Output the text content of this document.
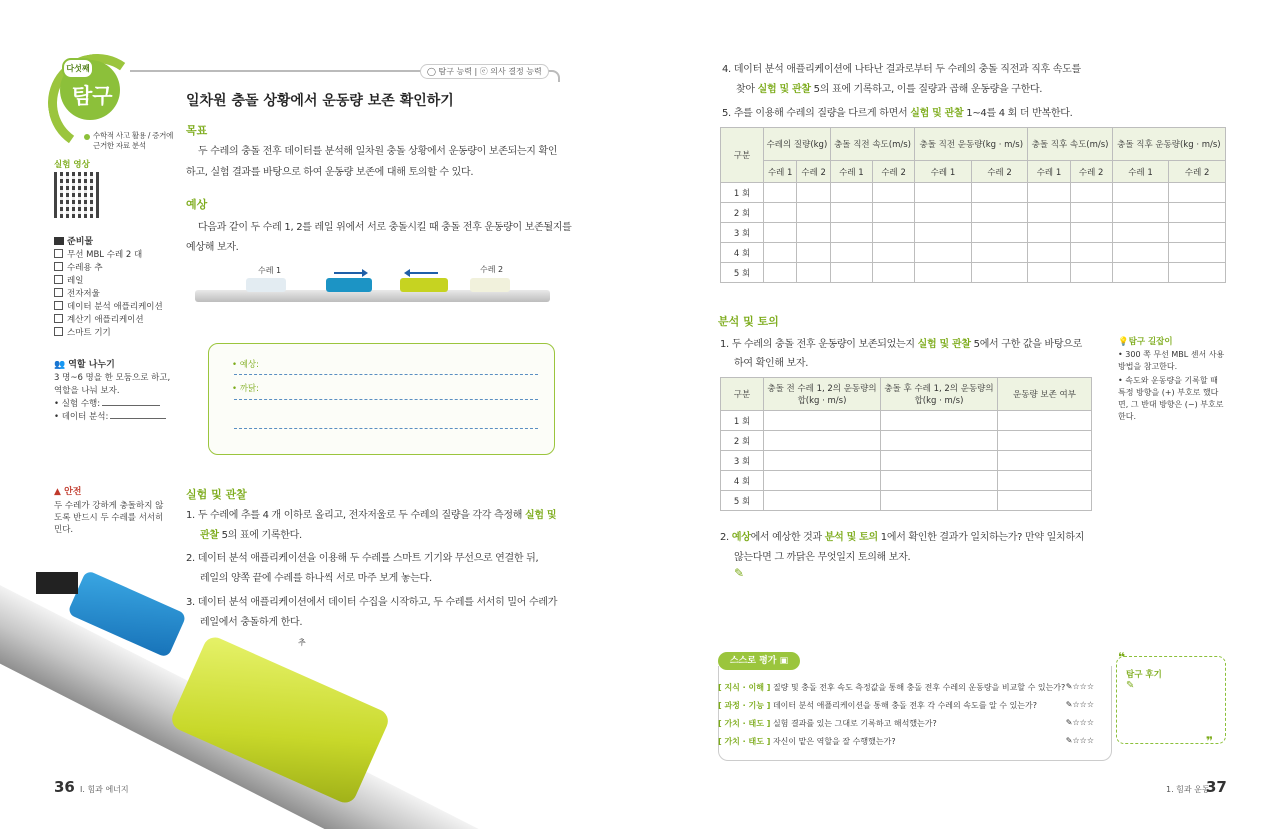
다섯째
탐구
◯ 탐구 능력 | ⓔ 의사 결정 능력
수학적 사고 활용 / 증거에 근거한 자료 분석
일차원 충돌 상황에서 운동량 보존 확인하기
실험 영상
목표
두 수레의 충돌 전후 데이터를 분석해 일차원 충돌 상황에서 운동량이 보존되는지 확인
하고, 실험 결과를 바탕으로 하여 운동량 보존에 대해 토의할 수 있다.
예상
다음과 같이 두 수레 1, 2를 레일 위에서 서로 충돌시킬 때 충돌 전후 운동량이 보존될지를
예상해 보자.
준비물
무선 MBL 수레 2 대
수레용 추
레일
전자저울
데이터 분석 애플리케이션
계산기 애플리케이션
스마트 기기
👥 역할 나누기
3 명~6 명을 한 모둠으로 하고,
역할을 나눠 보자.
• 실험 수행:
• 데이터 분석:
수레 1	수레 2
• 예상:
• 까닭:
▲ 안전
두 수레가 강하게 충돌하지 않
도록 반드시 두 수레를 서서히
민다.
실험 및 관찰
1. 두 수레에 추를 4 개 이하로 올리고, 전자저울로 두 수레의 질량을 각각 측정해 실험 및
관찰 5의 표에 기록한다.
2. 데이터 분석 애플리케이션을 이용해 두 수레를 스마트 기기와 무선으로 연결한 뒤,
레일의 양쪽 끝에 수레를 하나씩 서로 마주 보게 놓는다.
3. 데이터 분석 애플리케이션에서 데이터 수집을 시작하고, 두 수레를 서서히 밀어 수레가
레일에서 충돌하게 한다.
추
36 I. 힘과 에너지
4. 데이터 분석 애플리케이션에 나타난 결과로부터 두 수레의 충돌 직전과 직후 속도를
찾아 실험 및 관찰 5의 표에 기록하고, 이를 질량과 곱해 운동량을 구한다.
5. 추를 이용해 수레의 질량을 다르게 하면서 실험 및 관찰 1~4를 4 회 더 반복한다.
구분	수레의 질량(kg)		충돌 직전 속도(m/s)		충돌 직전 운동량(kg · m/s)		충돌 직후 속도(m/s)		충돌 직후 운동량(kg · m/s)	
	수레 1	수레 2	수레 1	수레 2	수레 1	수레 2	수레 1	수레 2	수레 1	수레 2
1 회										
2 회										
3 회										
4 회										
5 회										
분석 및 토의
1. 두 수레의 충돌 전후 운동량이 보존되었는지 실험 및 관찰 5에서 구한 값을 바탕으로
하여 확인해 보자.
구분	충돌 전 수레 1, 2의 운동량의 합(kg · m/s)	충돌 후 수레 1, 2의 운동량의 합(kg · m/s)	운동량 보존 여부
1 회			
2 회			
3 회			
4 회			
5 회			
💡탐구 길잡이
• 300 쪽 무선 MBL 센서 사용 방법을 참고한다.
• 속도와 운동량을 기록할 때 특정 방향을 (+) 부호로 했다면, 그 반대 방향은 (−) 부호로 한다.
2. 예상에서 예상한 것과 분석 및 토의 1에서 확인한 결과가 일치하는가? 만약 일치하지
않는다면 그 까닭은 무엇일지 토의해 보자.
✎
스스로 평가 ▣
[ 지식 · 이해 ] 질량 및 충돌 전후 속도 측정값을 통해 충돌 전후 수레의 운동량을 비교할 수 있는가? ✎☆☆☆
[ 과정 · 기능 ] 데이터 분석 애플리케이션을 통해 충돌 전후 각 수레의 속도를 알 수 있는가?	✎☆☆☆
[ 가치 · 태도 ] 실험 결과를 있는 그대로 기록하고 해석했는가?	✎☆☆☆
[ 가치 · 태도 ] 자신이 맡은 역할을 잘 수행했는가?	✎☆☆☆
❝
탐구 후기
✎
❞
1. 힘과 운동
37
